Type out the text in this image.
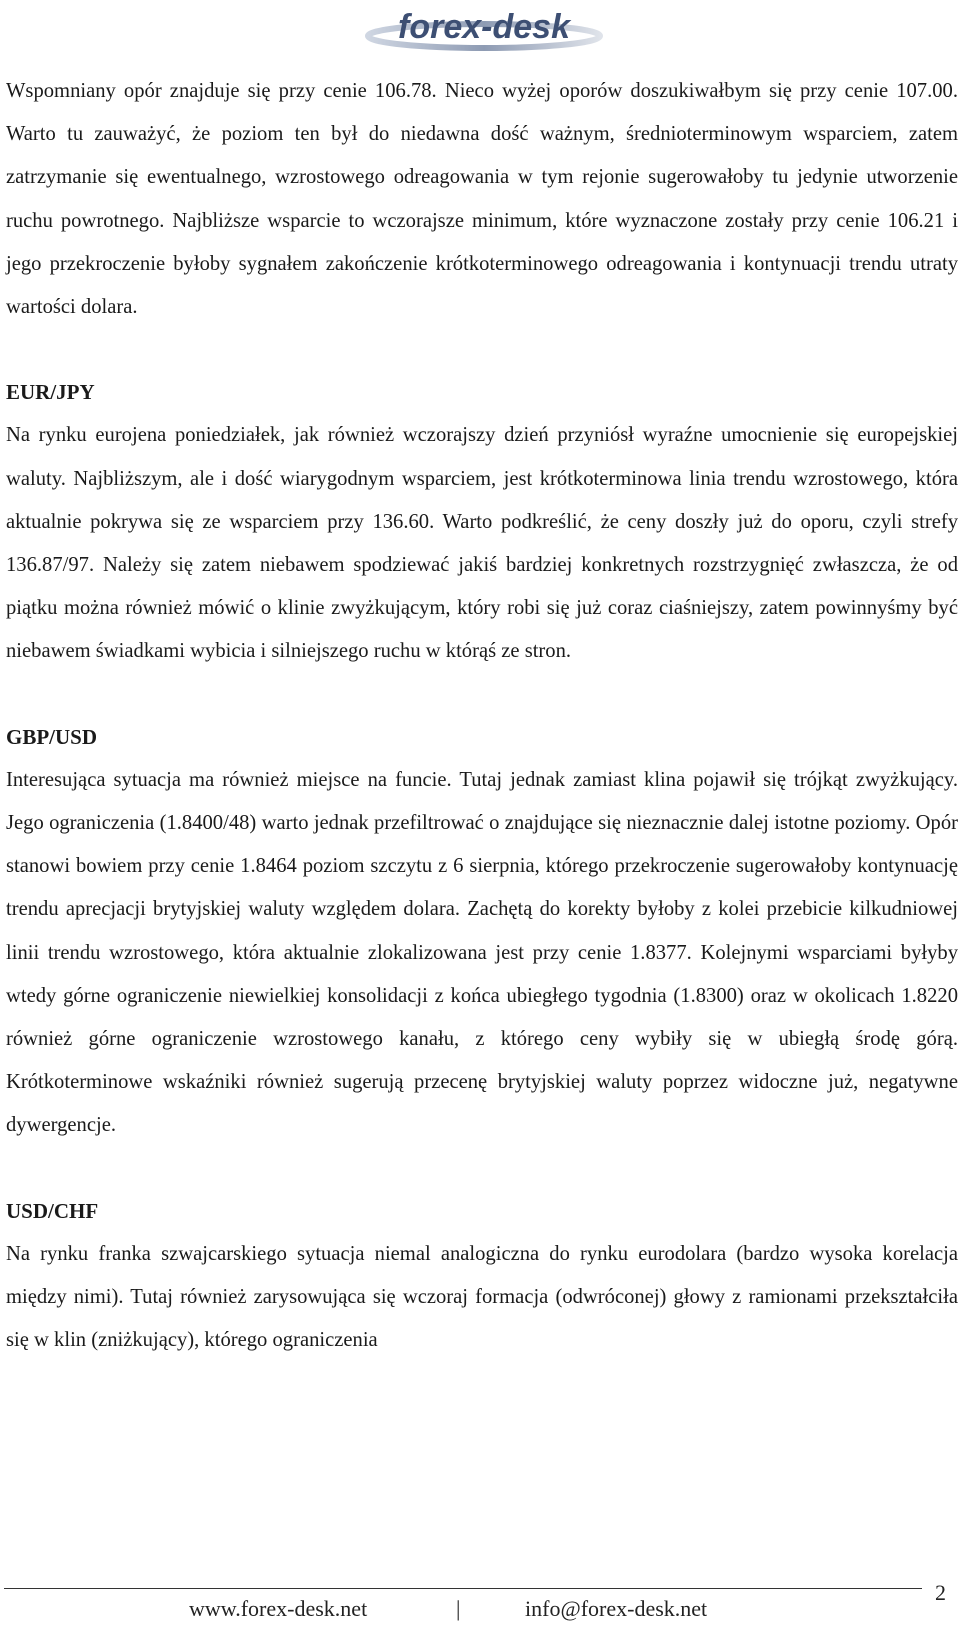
forex-desk

Wspomniany opór znajduje się przy cenie 106.78. Nieco wyżej oporów doszukiwałbym się przy cenie 107.00. Warto tu zauważyć, że poziom ten był do niedawna dość ważnym, średnioterminowym wsparciem, zatem zatrzymanie się ewentualnego, wzrostowego odreagowania w tym rejonie sugerowałoby tu jedynie utworzenie ruchu powrotnego. Najbliższe wsparcie to wczorajsze minimum, które wyznaczone zostały przy cenie 106.21 i jego przekroczenie byłoby sygnałem zakończenie krótkoterminowego odreagowania i kontynuacji trendu utraty wartości dolara.

EUR/JPY

Na rynku eurojena poniedziałek, jak również wczorajszy dzień przyniósł wyraźne umocnienie się europejskiej waluty. Najbliższym, ale i dość wiarygodnym wsparciem, jest krótkoterminowa linia trendu wzrostowego, która aktualnie pokrywa się ze wsparciem przy 136.60. Warto podkreślić, że ceny doszły już do oporu, czyli strefy 136.87/97. Należy się zatem niebawem spodziewać jakiś bardziej konkretnych rozstrzygnięć zwłaszcza, że od piątku można również mówić o klinie zwyżkującym, który robi się już coraz ciaśniejszy, zatem powinnyśmy być niebawem świadkami wybicia i silniejszego ruchu w którąś ze stron.

GBP/USD

Interesująca sytuacja ma również miejsce na funcie. Tutaj jednak zamiast klina pojawił się trójkąt zwyżkujący. Jego ograniczenia (1.8400/48) warto jednak przefiltrować o znajdujące się nieznacznie dalej istotne poziomy. Opór stanowi bowiem przy cenie 1.8464 poziom szczytu z 6 sierpnia, którego przekroczenie sugerowałoby kontynuację trendu aprecjacji brytyjskiej waluty względem dolara. Zachętą do korekty byłoby z kolei przebicie kilkudniowej linii trendu wzrostowego, która aktualnie zlokalizowana jest przy cenie 1.8377. Kolejnymi wsparciami byłyby wtedy górne ograniczenie niewielkiej konsolidacji z końca ubiegłego tygodnia (1.8300) oraz w okolicach 1.8220 również górne ograniczenie wzrostowego kanału, z którego ceny wybiły się w ubiegłą środę górą. Krótkoterminowe wskaźniki również sugerują przecenę brytyjskiej waluty poprzez widoczne już, negatywne dywergencje.

USD/CHF

Na rynku franka szwajcarskiego sytuacja niemal analogiczna do rynku eurodolara (bardzo wysoka korelacja między nimi). Tutaj również zarysowująca się wczoraj formacja (odwróconej) głowy z ramionami przekształciła się w klin (zniżkujący), którego ograniczenia

www.forex-desk.net	|	info@forex-desk.net
2
